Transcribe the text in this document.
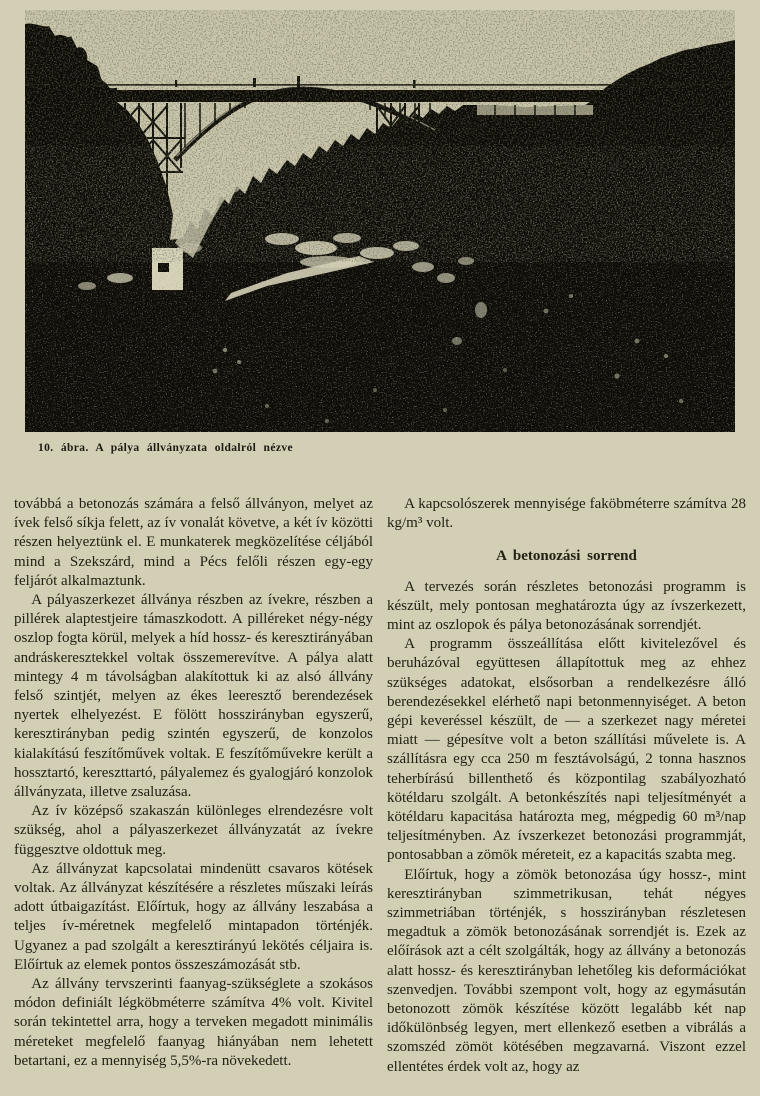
10. ábra. A pálya állványzata oldalról nézve

továbbá a betonozás számára a felső állványon, melyet az ívek felső síkja felett, az ív vonalát követve, a két ív közötti részen helyeztünk el. E munkaterek megközelítése céljából mind a Szekszárd, mind a Pécs felőli részen egy-egy feljárót alkalmaztunk.

A pályaszerkezet állványa részben az ívekre, részben a pillérek alaptestjeire támaszkodott. A pilléreket négy-négy oszlop fogta körül, melyek a híd hossz- és keresztirányában andráskeresztekkel voltak összemerevítve. A pálya alatt mintegy 4 m távolságban alakítottuk ki az alsó állvány felső szintjét, melyen az ékes leeresztő berendezések nyertek elhelyezést. E fölött hosszirányban egyszerű, keresztirányban pedig szintén egyszerű, de konzolos kialakítású feszítőművek voltak. E feszítőművekre került a hossztartó, kereszttartó, pályalemez és gyalogjáró konzolok állványzata, illetve zsaluzása.

Az ív középső szakaszán különleges elrendezésre volt szükség, ahol a pályaszerkezet állványzatát az ívekre függesztve oldottuk meg.

Az állványzat kapcsolatai mindenütt csavaros kötések voltak. Az állványzat készítésére a részletes műszaki leírás adott útbaigazítást. Előírtuk, hogy az állvány leszabása a teljes ív-méretnek megfelelő mintapadon történjék. Ugyanez a pad szolgált a keresztirányú lekötés céljaira is. Előírtuk az elemek pontos összeszámozását stb.

Az állvány tervszerinti faanyag-szükséglete a szokásos módon definiált légköbméterre számítva 4% volt. Kivitel során tekintettel arra, hogy a terveken megadott minimális méreteket megfelelő faanyag hiányában nem lehetett betartani, ez a mennyiség 5,5%-ra növekedett.

A kapcsolószerek mennyisége faköbméterre számítva 28 kg/m³ volt.

A betonozási sorrend

A tervezés során részletes betonozási programm is készült, mely pontosan meghatározta úgy az ívszerkezett, mint az oszlopok és pálya betonozásának sorrendjét.

A programm összeállítása előtt kivitelezővel és beruházóval együttesen állapítottuk meg az ehhez szükséges adatokat, elsősorban a rendelkezésre álló berendezésekkel elérhető napi betonmennyiséget. A beton gépi keveréssel készült, de — a szerkezet nagy méretei miatt — gépesítve volt a beton szállítási művelete is. A szállításra egy cca 250 m fesztávolságú, 2 tonna hasznos teherbírású billenthető és központilag szabályozható kötéldaru szolgált. A betonkészítés napi teljesítményét a kötéldaru kapacitása határozta meg, mégpedig 60 m³/nap teljesítményben. Az ívszerkezet betonozási programmját, pontosabban a zömök méreteit, ez a kapacitás szabta meg.

Előírtuk, hogy a zömök betonozása úgy hossz-, mint keresztirányban szimmetrikusan, tehát négyes szimmetriában történjék, s hosszirányban részletesen megadtuk a zömök betonozásának sorrendjét is. Ezek az előírások azt a célt szolgálták, hogy az állvány a betonozás alatt hossz- és keresztirányban lehetőleg kis deformációkat szenvedjen. További szempont volt, hogy az egymásután betonozott zömök készítése között legalább két nap időkülönbség legyen, mert ellenkező esetben a vibrálás a szomszéd zömöt kötésében megzavarná. Viszont ezzel ellentétes érdek volt az, hogy az
